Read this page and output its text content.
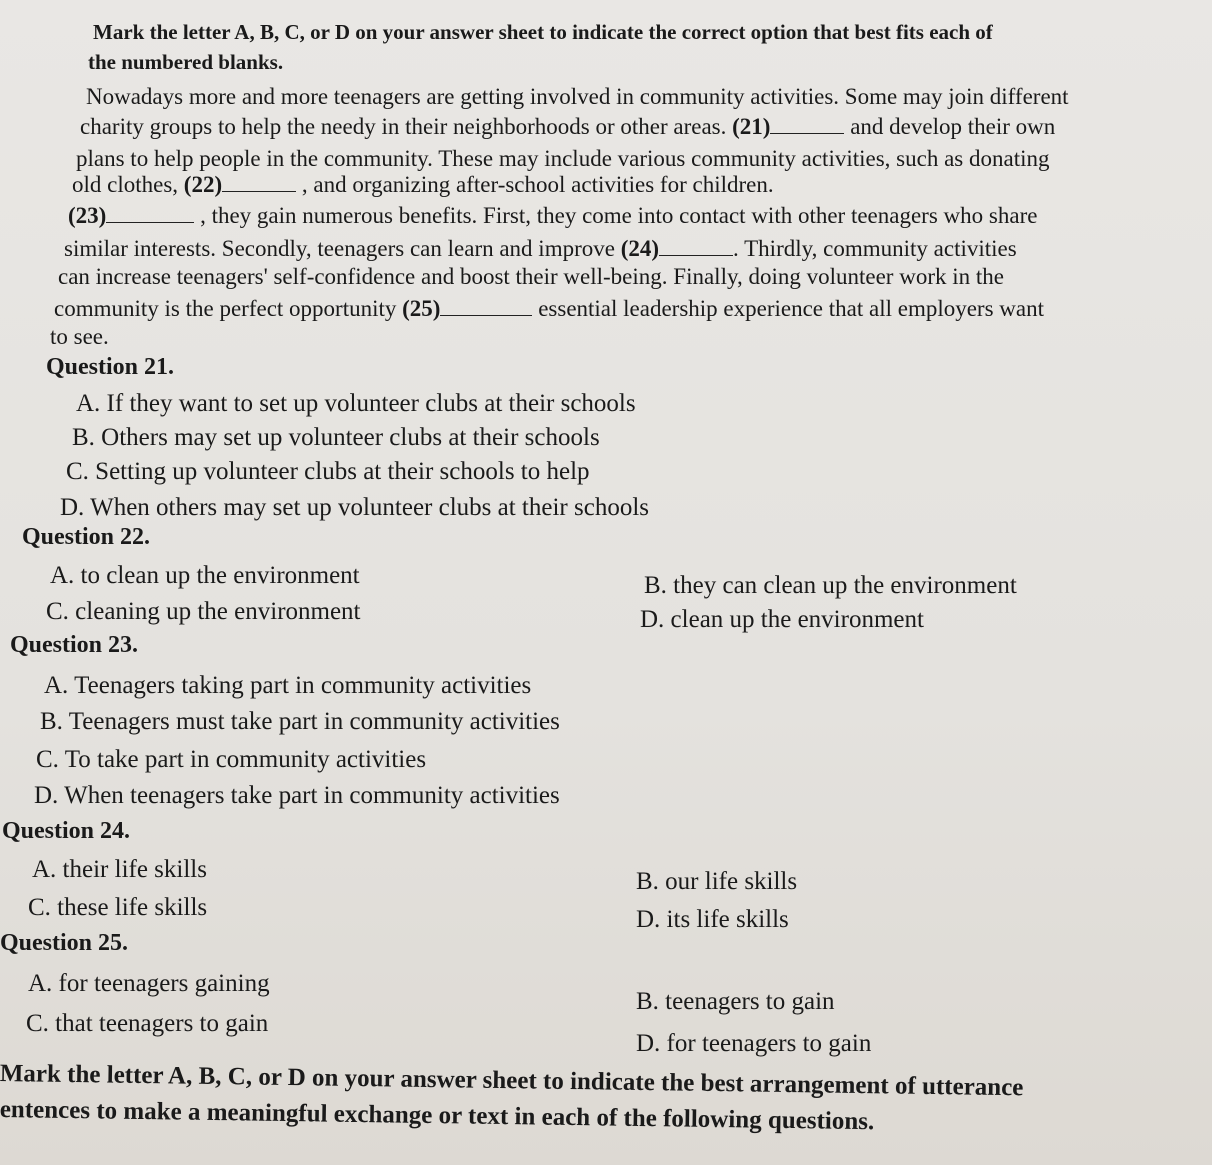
Mark the letter A, B, C, or D on your answer sheet to indicate the correct option that best fits each of
the numbered blanks.
Nowadays more and more teenagers are getting involved in community activities. Some may join different
charity groups to help the needy in their neighborhoods or other areas. (21)	and develop their own
plans to help people in the community. These may include various community activities, such as donating
old clothes, (22)	, and organizing after-school activities for children.
(23)	, they gain numerous benefits. First, they come into contact with other teenagers who share
similar interests. Secondly, teenagers can learn and improve (24)	. Thirdly, community activities
can increase teenagers' self-confidence and boost their well-being. Finally, doing volunteer work in the
community is the perfect opportunity (25)	essential leadership experience that all employers want
to see.
Question 21.
A. If they want to set up volunteer clubs at their schools
B. Others may set up volunteer clubs at their schools
C. Setting up volunteer clubs at their schools to help
D. When others may set up volunteer clubs at their schools
Question 22.
A. to clean up the environment	B. they can clean up the environment
C. cleaning up the environment	D. clean up the environment
Question 23.
A. Teenagers taking part in community activities
B. Teenagers must take part in community activities
C. To take part in community activities
D. When teenagers take part in community activities
Question 24.
A. their life skills	B. our life skills
C. these life skills	D. its life skills
Question 25.
A. for teenagers gaining
B. teenagers to gain
C. that teenagers to gain
D. for teenagers to gain
Mark the letter A, B, C, or D on your answer sheet to indicate the best arrangement of utterance
entences to make a meaningful exchange or text in each of the following questions.
